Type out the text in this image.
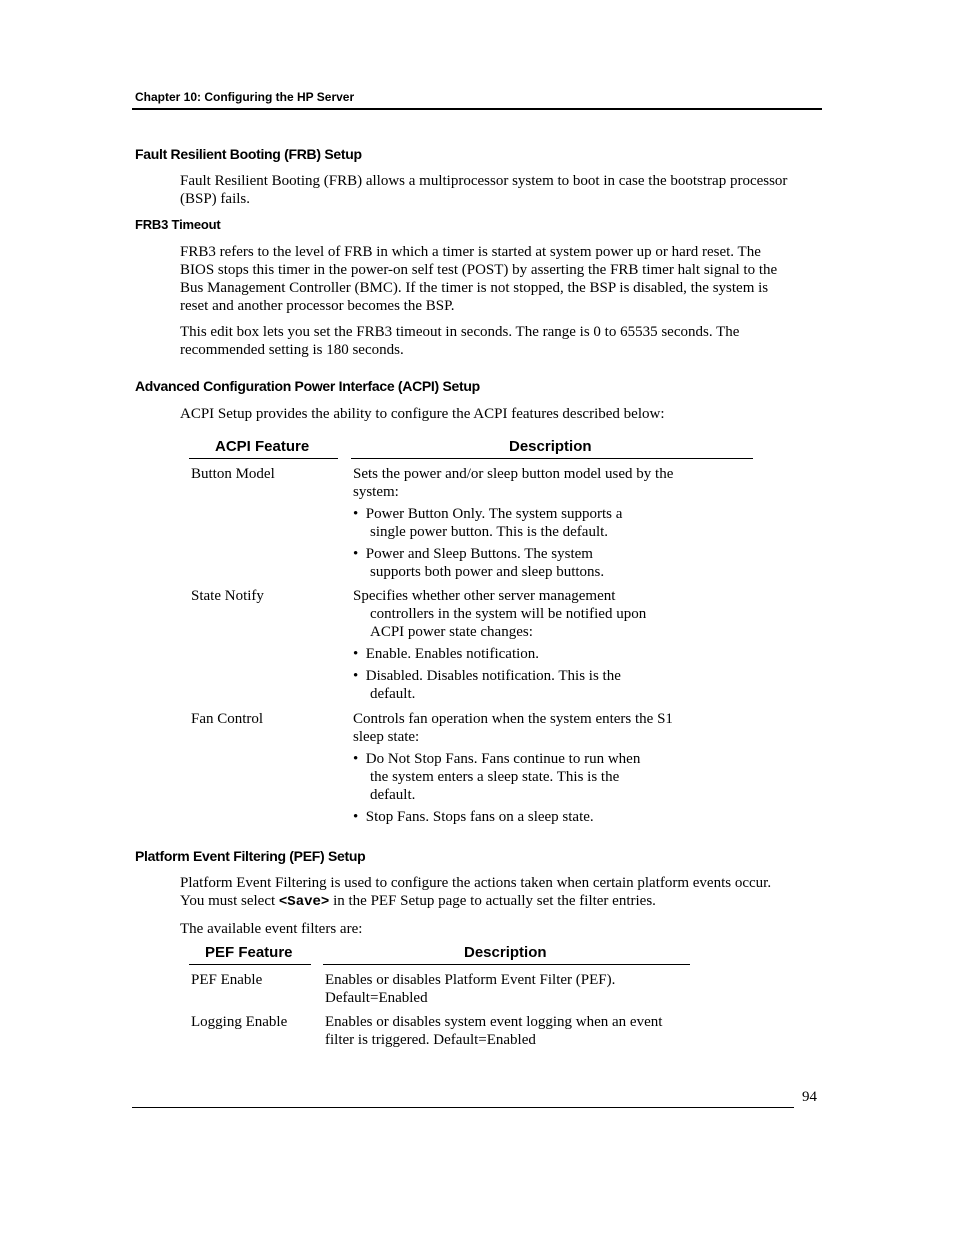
Chapter 10: Configuring the HP Server
Fault Resilient Booting (FRB) Setup
Fault Resilient Booting (FRB) allows a multiprocessor system to boot in case the bootstrap processor
(BSP) fails.
FRB3 Timeout
FRB3 refers to the level of FRB in which a timer is started at system power up or hard reset. The
BIOS stops this timer in the power-on self test (POST) by asserting the FRB timer halt signal to the
Bus Management Controller (BMC). If the timer is not stopped, the BSP is disabled, the system is
reset and another processor becomes the BSP.
This edit box lets you set the FRB3 timeout in seconds. The range is 0 to 65535 seconds. The
recommended setting is 180 seconds.
Advanced Configuration Power Interface (ACPI) Setup
ACPI Setup provides the ability to configure the ACPI features described below:
ACPI Feature	Description
Button Model	Sets the power and/or sleep button model used by the
system:
• Power Button Only. The system supports a
single power button. This is the default.
• Power and Sleep Buttons. The system
supports both power and sleep buttons.
State Notify	Specifies whether other server management
controllers in the system will be notified upon
ACPI power state changes:
• Enable. Enables notification.
• Disabled. Disables notification. This is the
default.
Fan Control	Controls fan operation when the system enters the S1
sleep state:
• Do Not Stop Fans. Fans continue to run when
the system enters a sleep state. This is the
default.
• Stop Fans. Stops fans on a sleep state.
Platform Event Filtering (PEF) Setup
Platform Event Filtering is used to configure the actions taken when certain platform events occur.
You must select <Save> in the PEF Setup page to actually set the filter entries.
The available event filters are:
PEF Feature	Description
PEF Enable	Enables or disables Platform Event Filter (PEF).
Default=Enabled
Logging Enable	Enables or disables system event logging when an event
filter is triggered. Default=Enabled
94
